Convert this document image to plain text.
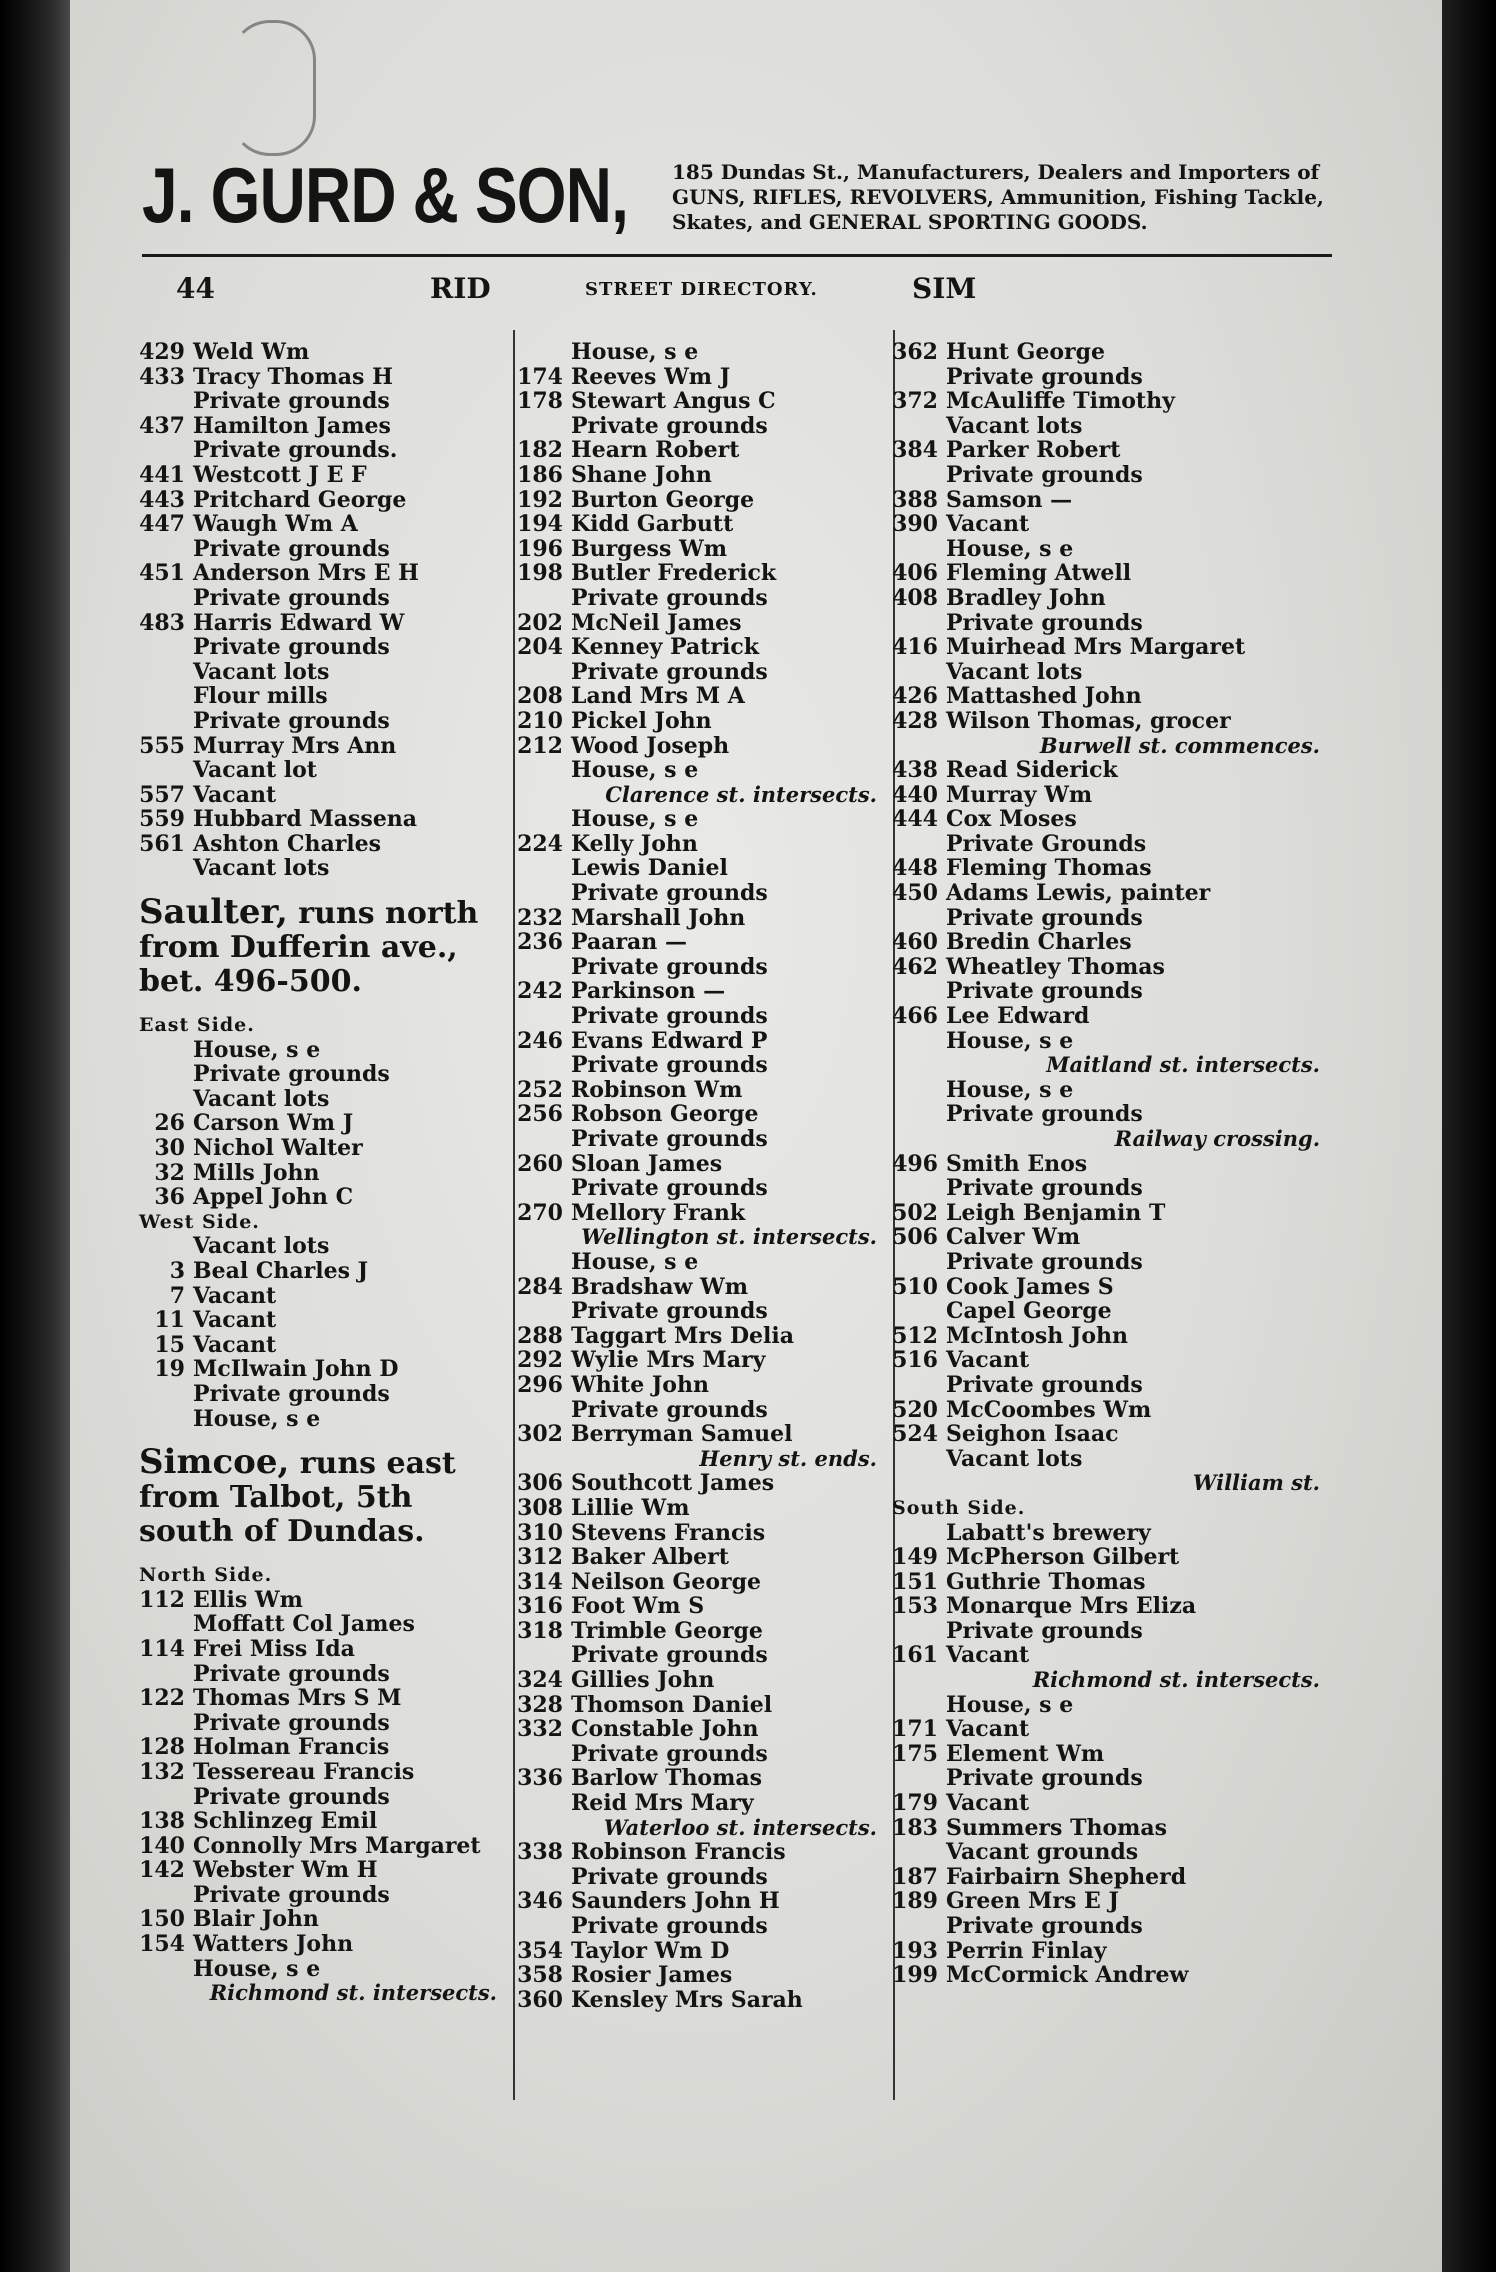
J. GURD & SON, 185 Dundas St., Manufacturers, Dealers and Importers of GUNS, RIFLES, REVOLVERS, Ammunition, Fishing Tackle, Skates, and GENERAL SPORTING GOODS.
44	RID	STREET DIRECTORY.	SIM
429 Weld Wm
433 Tracy Thomas H
Private grounds
437 Hamilton James
Private grounds.
441 Westcott J E F
443 Pritchard George
447 Waugh Wm A
Private grounds
451 Anderson Mrs E H
Private grounds
483 Harris Edward W
Private grounds
Vacant lots
Flour mills
Private grounds
555 Murray Mrs Ann
Vacant lot
557 Vacant
559 Hubbard Massena
561 Ashton Charles
Vacant lots
Saulter, runs north from Dufferin ave., bet. 496-500.
East Side.
House, s e
Private grounds
Vacant lots
26 Carson Wm J
30 Nichol Walter
32 Mills John
36 Appel John C
West Side.
Vacant lots
3 Beal Charles J
7 Vacant
11 Vacant
15 Vacant
19 McIlwain John D
Private grounds
House, s e
Simcoe, runs east from Talbot, 5th south of Dundas.
North Side.
112 Ellis Wm
Moffatt Col James
114 Frei Miss Ida
Private grounds
122 Thomas Mrs S M
Private grounds
128 Holman Francis
132 Tessereau Francis
Private grounds
138 Schlinzeg Emil
140 Connolly Mrs Margaret
142 Webster Wm H
Private grounds
150 Blair John
154 Watters John
House, s e
Richmond st. intersects.
House, s e
174 Reeves Wm J
178 Stewart Angus C
Private grounds
182 Hearn Robert
186 Shane John
192 Burton George
194 Kidd Garbutt
196 Burgess Wm
198 Butler Frederick
Private grounds
202 McNeil James
204 Kenney Patrick
Private grounds
208 Land Mrs M A
210 Pickel John
212 Wood Joseph
House, s e
Clarence st. intersects.
House, s e
224 Kelly John
Lewis Daniel
Private grounds
232 Marshall John
236 Paaran —
Private grounds
242 Parkinson —
Private grounds
246 Evans Edward P
Private grounds
252 Robinson Wm
256 Robson George
Private grounds
260 Sloan James
Private grounds
270 Mellory Frank
Wellington st. intersects.
House, s e
284 Bradshaw Wm
Private grounds
288 Taggart Mrs Delia
292 Wylie Mrs Mary
296 White John
Private grounds
302 Berryman Samuel
Henry st. ends.
306 Southcott James
308 Lillie Wm
310 Stevens Francis
312 Baker Albert
314 Neilson George
316 Foot Wm S
318 Trimble George
Private grounds
324 Gillies John
328 Thomson Daniel
332 Constable John
Private grounds
336 Barlow Thomas
Reid Mrs Mary
Waterloo st. intersects.
338 Robinson Francis
Private grounds
346 Saunders John H
Private grounds
354 Taylor Wm D
358 Rosier James
360 Kensley Mrs Sarah
362 Hunt George
Private grounds
372 McAuliffe Timothy
Vacant lots
384 Parker Robert
Private grounds
388 Samson —
390 Vacant
House, s e
406 Fleming Atwell
408 Bradley John
Private grounds
416 Muirhead Mrs Margaret
Vacant lots
426 Mattashed John
428 Wilson Thomas, grocer
Burwell st. commences.
438 Read Siderick
440 Murray Wm
444 Cox Moses
Private Grounds
448 Fleming Thomas
450 Adams Lewis, painter
Private grounds
460 Bredin Charles
462 Wheatley Thomas
Private grounds
466 Lee Edward
House, s e
Maitland st. intersects.
House, s e
Private grounds
Railway crossing.
496 Smith Enos
Private grounds
502 Leigh Benjamin T
506 Calver Wm
Private grounds
510 Cook James S
Capel George
512 McIntosh John
516 Vacant
Private grounds
520 McCoombes Wm
524 Seighon Isaac
Vacant lots
William st.
South Side.
Labatt's brewery
149 McPherson Gilbert
151 Guthrie Thomas
153 Monarque Mrs Eliza
Private grounds
161 Vacant
Richmond st. intersects.
House, s e
171 Vacant
175 Element Wm
Private grounds
179 Vacant
183 Summers Thomas
Vacant grounds
187 Fairbairn Shepherd
189 Green Mrs E J
Private grounds
193 Perrin Finlay
199 McCormick Andrew
